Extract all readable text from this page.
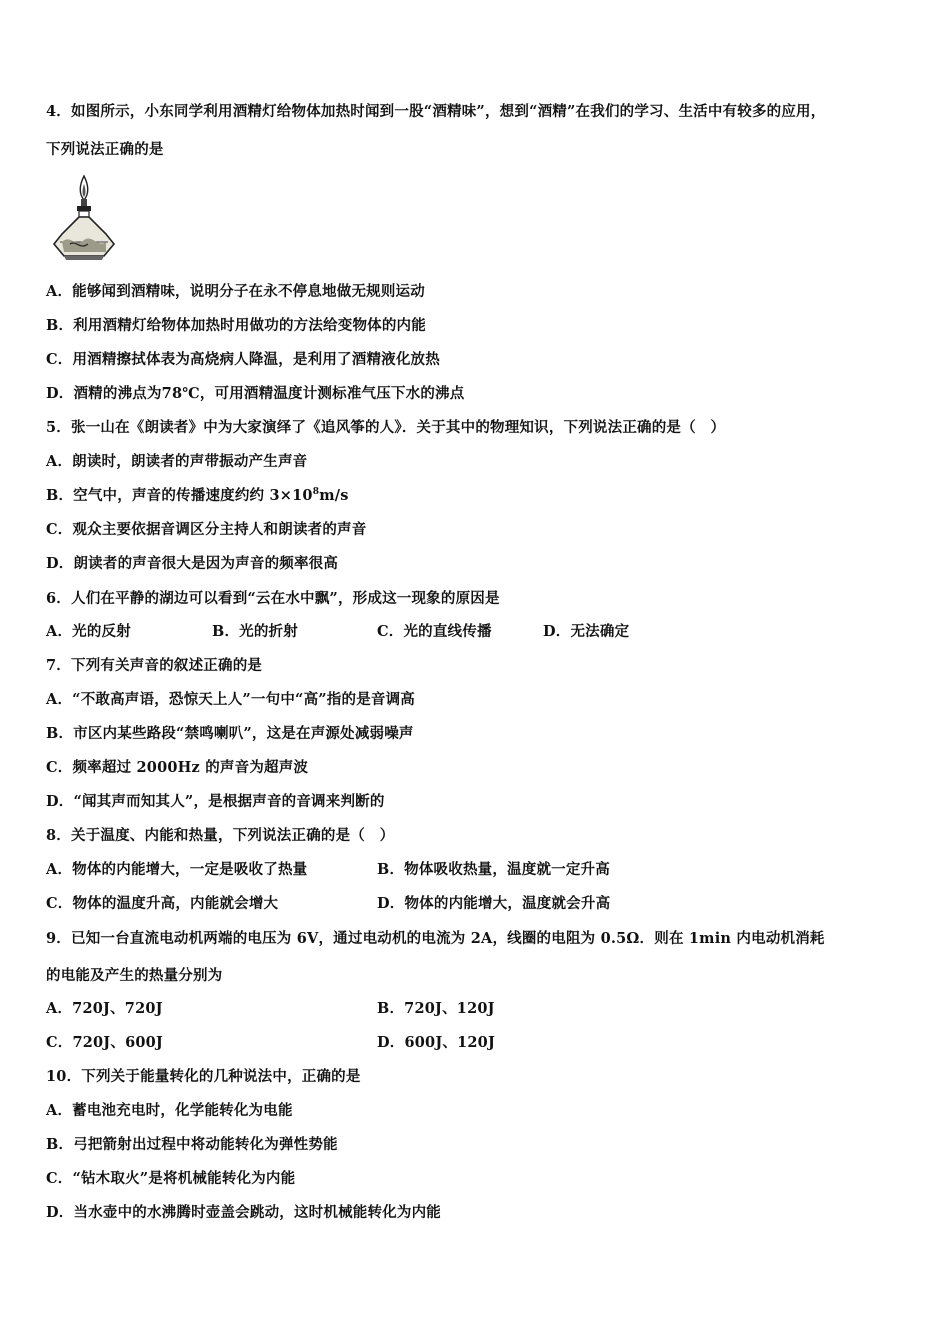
4．如图所示，小东同学利用酒精灯给物体加热时闻到一股“酒精味”，想到“酒精”在我们的学习、生活中有较多的应用，
下列说法正确的是
A．能够闻到酒精味，说明分子在永不停息地做无规则运动
B．利用酒精灯给物体加热时用做功的方法给变物体的内能
C．用酒精擦拭体表为高烧病人降温，是利用了酒精液化放热
D．酒精的沸点为78℃，可用酒精温度计测标准气压下水的沸点
5．张一山在《朗读者》中为大家演绎了《追风筝的人》．关于其中的物理知识，下列说法正确的是（　）
A．朗读时，朗读者的声带振动产生声音
B．空气中，声音的传播速度约约 $3\times 10^8m/s$
C．观众主要依据音调区分主持人和朗读者的声音
D．朗读者的声音很大是因为声音的频率很高
6．人们在平静的湖边可以看到“云在水中飘”，形成这一现象的原因是
A．光的反射	B．光的折射	C．光的直线传播	D．无法确定
7．下列有关声音的叙述正确的是
A．“不敢高声语，恐惊天上人”一句中“高”指的是音调高
B．市区内某些路段“禁鸣喇叭”，这是在声源处减弱噪声
C．频率超过 2000Hz 的声音为超声波
D．“闻其声而知其人”，是根据声音的音调来判断的
8．关于温度、内能和热量，下列说法正确的是（　）
A．物体的内能增大，一定是吸收了热量	B．物体吸收热量，温度就一定升高
C．物体的温度升高，内能就会增大	D．物体的内能增大，温度就会升高
9．已知一台直流电动机两端的电压为 6V，通过电动机的电流为 2A，线圈的电阻为 0.5Ω．则在 1min 内电动机消耗
的电能及产生的热量分别为
A．720J、720J	B．720J、120J
C．720J、600J	D．600J、120J
10．下列关于能量转化的几种说法中，正确的是
A．蓄电池充电时，化学能转化为电能
B．弓把箭射出过程中将动能转化为弹性势能
C．“钻木取火”是将机械能转化为内能
D．当水壶中的水沸腾时壶盖会跳动，这时机械能转化为内能
